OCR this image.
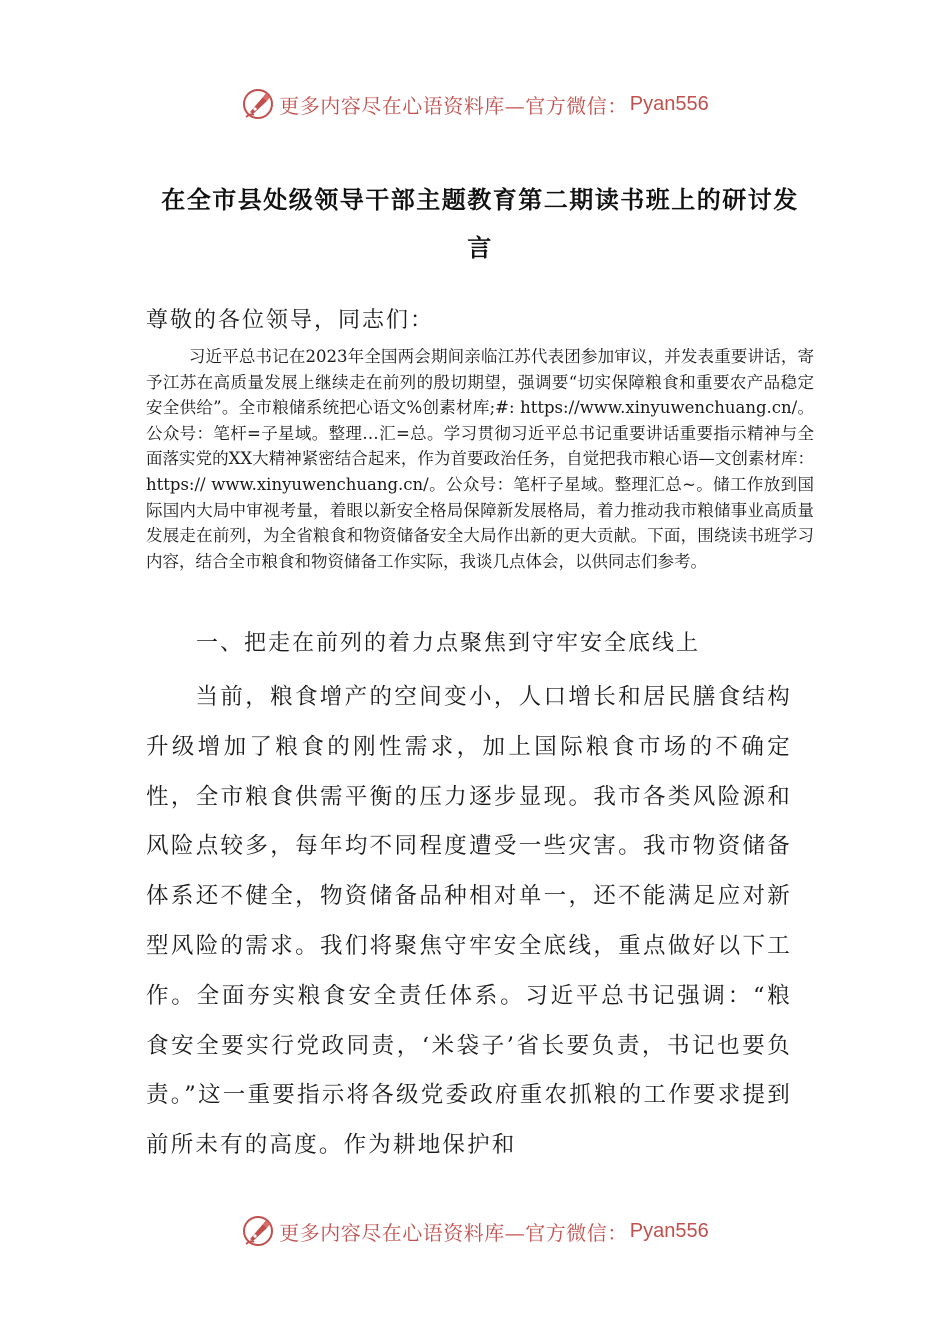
更多内容尽在心语资料库—官方微信： Pyan556
在全市县处级领导干部主题教育第二期读书班上的研讨发言
尊敬的各位领导，同志们：
习近平总书记在2023年全国两会期间亲临江苏代表团参加审议，并发表重要讲话，寄予江苏在高质量发展上继续走在前列的殷切期望，强调要“切实保障粮食和重要农产品稳定安全供给”。全市粮储系统把心语文%创素材库;#: https://www.xinyuwenchuang.cn/。公众号：笔杆=子星域。整理…汇=总。学习贯彻习近平总书记重要讲话重要指示精神与全面落实党的XX大精神紧密结合起来，作为首要政治任务，自觉把我市粮心语—文创素材库：https:// www.xinyuwenchuang.cn/。公众号：笔杆子星域。整理汇总~。储工作放到国际国内大局中审视考量，着眼以新安全格局保障新发展格局，着力推动我市粮储事业高质量发展走在前列，为全省粮食和物资储备安全大局作出新的更大贡献。下面，围绕读书班学习内容，结合全市粮食和物资储备工作实际，我谈几点体会，以供同志们参考。
一、把走在前列的着力点聚焦到守牢安全底线上
当前，粮食增产的空间变小，人口增长和居民膳食结构升级增加了粮食的刚性需求，加上国际粮食市场的不确定性，全市粮食供需平衡的压力逐步显现。我市各类风险源和风险点较多，每年均不同程度遭受一些灾害。我市物资储备体系还不健全，物资储备品种相对单一，还不能满足应对新型风险的需求。我们将聚焦守牢安全底线，重点做好以下工作。全面夯实粮食安全责任体系。习近平总书记强调：“粮食安全要实行党政同责，‘米袋子’省长要负责，书记也要负责。”这一重要指示将各级党委政府重农抓粮的工作要求提到前所未有的高度。作为耕地保护和
更多内容尽在心语资料库—官方微信： Pyan556
